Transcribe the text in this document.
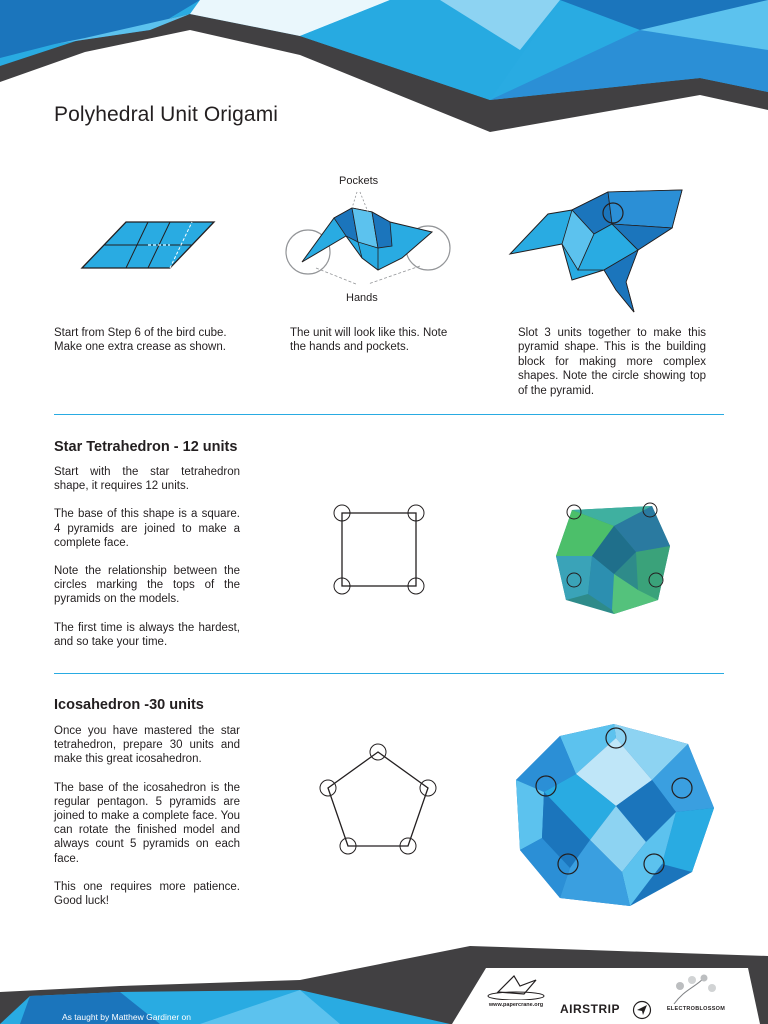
Polyhedral Unit Origami

Start from Step 6 of the bird cube. Make one extra crease as shown.

Pockets
Hands

The unit will look like this. Note the hands and pockets.

Slot 3 units together to make this pyramid shape. This is the building block for making more complex shapes. Note the circle showing top of the pyramid.

Star Tetrahedron - 12 units

Start with the star tetrahedron shape, it requires 12 units.

The base of this shape is a square. 4 pyramids are joined to make a complete face.

Note the relationship between the circles marking the tops of the pyramids on the models.

The first time is always the hardest, and so take your time.

Icosahedron -30 units

Once you have mastered the star tetrahedron, prepare 30 units and make this great icosahedron.

The base of the icosahedron is the regular pentagon. 5 pyramids are joined to make a complete face. You can rotate the finished model and always count 5 pyramids on each face.

This one requires more patience. Good luck!

As taught by Matthew Gardiner on
www.papercrane.org	AIRSTRIP	ELECTROBLOSSOM
